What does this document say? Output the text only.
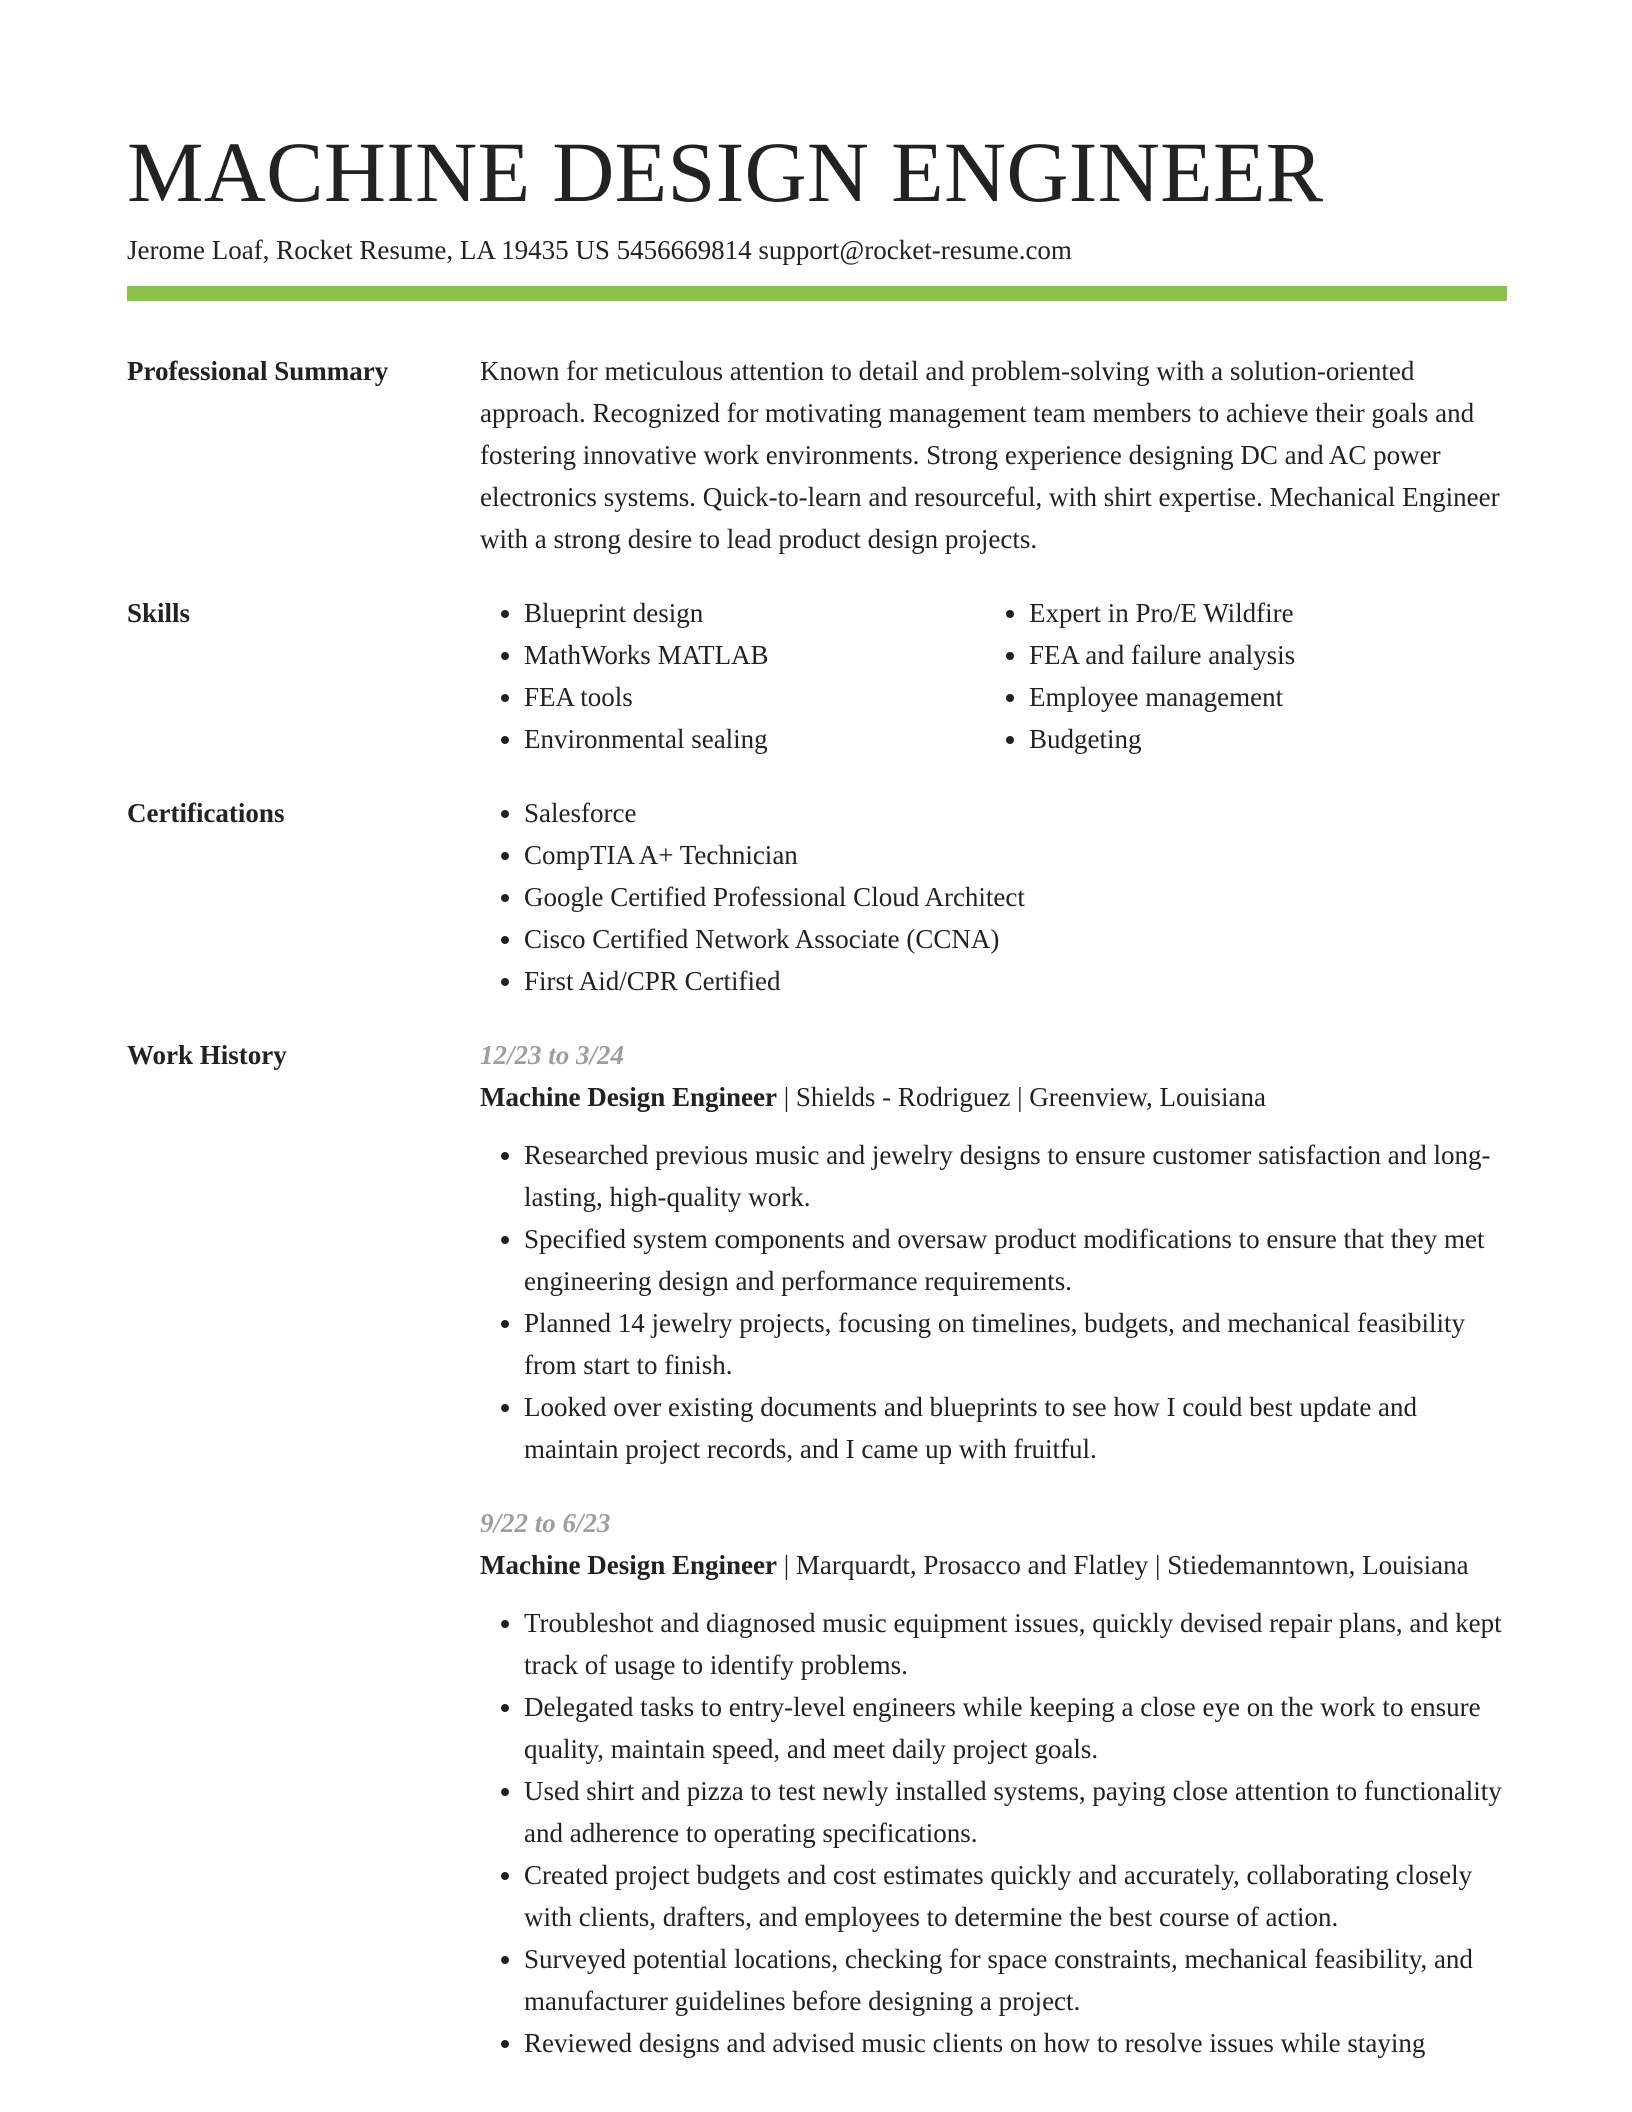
MACHINE DESIGN ENGINEER
Jerome Loaf, Rocket Resume, LA 19435 US 5456669814 support@rocket-resume.com
Professional Summary	Known for meticulous attention to detail and problem-solving with a solution-oriented approach. Recognized for motivating management team members to achieve their goals and fostering innovative work environments. Strong experience designing DC and AC power electronics systems. Quick-to-learn and resourceful, with shirt expertise. Mechanical Engineer with a strong desire to lead product design projects.

Skills	• Blueprint design
• MathWorks MATLAB
• FEA tools
• Environmental sealing
• Expert in Pro/E Wildfire
• FEA and failure analysis
• Employee management
• Budgeting
Certifications	• Salesforce
• CompTIA A+ Technician
• Google Certified Professional Cloud Architect
• Cisco Certified Network Associate (CCNA)
• First Aid/CPR Certified
Work History	12/23 to 3/24
Machine Design Engineer | Shields - Rodriguez | Greenview, Louisiana
• Researched previous music and jewelry designs to ensure customer satisfaction and long-lasting, high-quality work.
• Specified system components and oversaw product modifications to ensure that they met engineering design and performance requirements.
• Planned 14 jewelry projects, focusing on timelines, budgets, and mechanical feasibility from start to finish.
• Looked over existing documents and blueprints to see how I could best update and maintain project records, and I came up with fruitful.
9/22 to 6/23
Machine Design Engineer | Marquardt, Prosacco and Flatley | Stiedemanntown, Louisiana
• Troubleshot and diagnosed music equipment issues, quickly devised repair plans, and kept track of usage to identify problems.
• Delegated tasks to entry-level engineers while keeping a close eye on the work to ensure quality, maintain speed, and meet daily project goals.
• Used shirt and pizza to test newly installed systems, paying close attention to functionality and adherence to operating specifications.
• Created project budgets and cost estimates quickly and accurately, collaborating closely with clients, drafters, and employees to determine the best course of action.
• Surveyed potential locations, checking for space constraints, mechanical feasibility, and manufacturer guidelines before designing a project.
• Reviewed designs and advised music clients on how to resolve issues while staying
